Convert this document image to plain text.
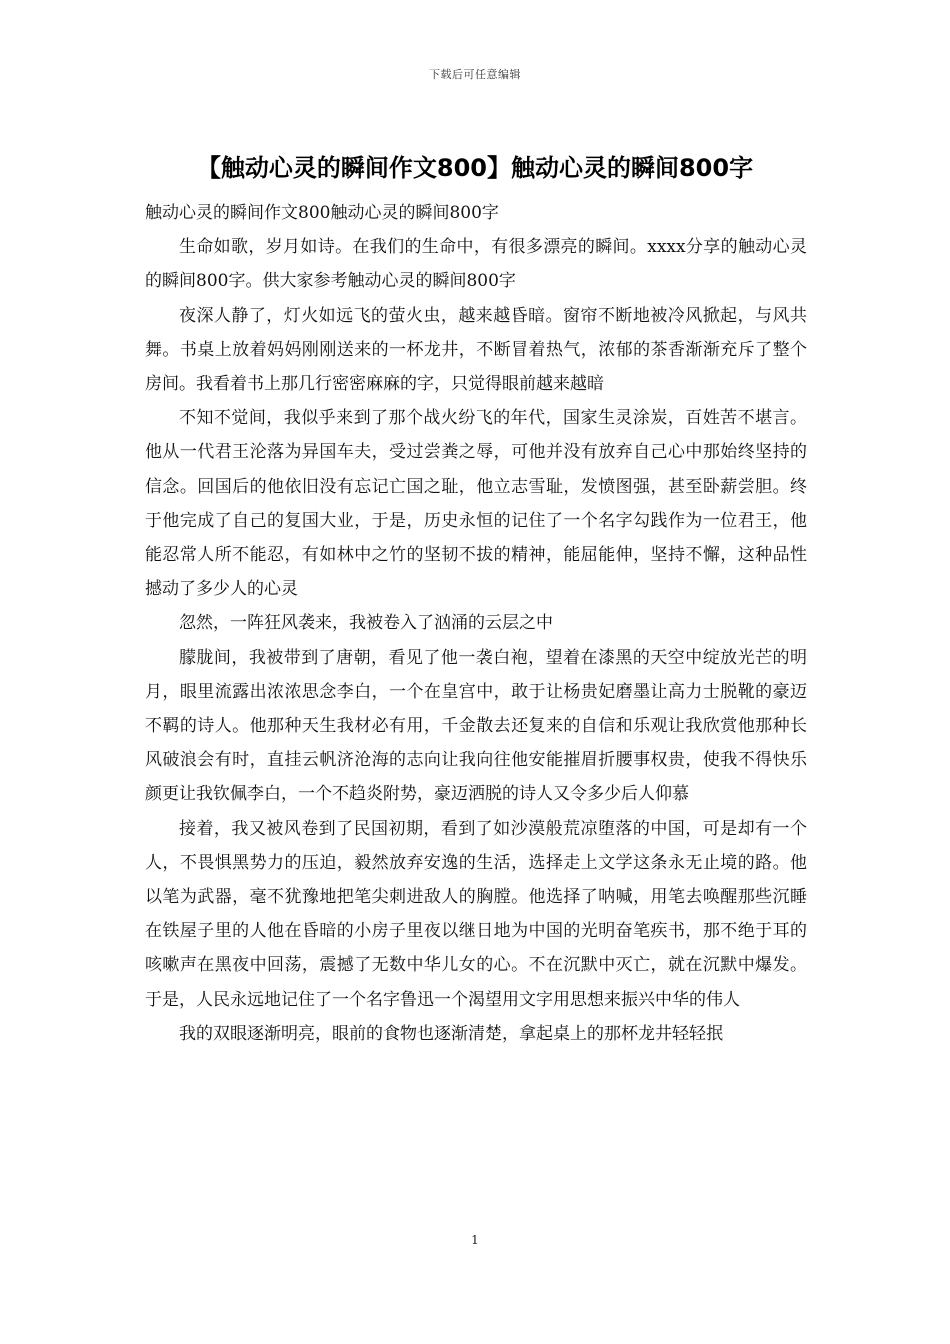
下载后可任意编辑
【触动心灵的瞬间作文800】触动心灵的瞬间800字

触动心灵的瞬间作文800触动心灵的瞬间800字

生命如歌，岁月如诗。在我们的生命中，有很多漂亮的瞬间。xxxx分享的触动心灵的瞬间800字。供大家参考触动心灵的瞬间800字

夜深人静了，灯火如远飞的萤火虫，越来越昏暗。窗帘不断地被冷风掀起，与风共舞。书桌上放着妈妈刚刚送来的一杯龙井，不断冒着热气，浓郁的茶香渐渐充斥了整个房间。我看着书上那几行密密麻麻的字，只觉得眼前越来越暗

不知不觉间，我似乎来到了那个战火纷飞的年代，国家生灵涂炭，百姓苦不堪言。他从一代君王沦落为异国车夫，受过尝粪之辱，可他并没有放弃自己心中那始终坚持的信念。回国后的他依旧没有忘记亡国之耻，他立志雪耻，发愤图强，甚至卧薪尝胆。终于他完成了自己的复国大业，于是，历史永恒的记住了一个名字勾践作为一位君王，他能忍常人所不能忍，有如林中之竹的坚韧不拔的精神，能屈能伸，坚持不懈，这种品性撼动了多少人的心灵

忽然，一阵狂风袭来，我被卷入了汹涌的云层之中

朦胧间，我被带到了唐朝，看见了他一袭白袍，望着在漆黑的天空中绽放光芒的明月，眼里流露出浓浓思念李白，一个在皇宫中，敢于让杨贵妃磨墨让高力士脱靴的豪迈不羁的诗人。他那种天生我材必有用，千金散去还复来的自信和乐观让我欣赏他那种长风破浪会有时，直挂云帆济沧海的志向让我向往他安能摧眉折腰事权贵，使我不得快乐颜更让我钦佩李白，一个不趋炎附势，豪迈洒脱的诗人又令多少后人仰慕

接着，我又被风卷到了民国初期，看到了如沙漠般荒凉堕落的中国，可是却有一个人，不畏惧黑势力的压迫，毅然放弃安逸的生活，选择走上文学这条永无止境的路。他以笔为武器，毫不犹豫地把笔尖刺进敌人的胸膛。他选择了呐喊，用笔去唤醒那些沉睡在铁屋子里的人他在昏暗的小房子里夜以继日地为中国的光明奋笔疾书，那不绝于耳的咳嗽声在黑夜中回荡，震撼了无数中华儿女的心。不在沉默中灭亡，就在沉默中爆发。于是，人民永远地记住了一个名字鲁迅一个渴望用文字用思想来振兴中华的伟人

我的双眼逐渐明亮，眼前的食物也逐渐清楚，拿起桌上的那杯龙井轻轻抿

1
